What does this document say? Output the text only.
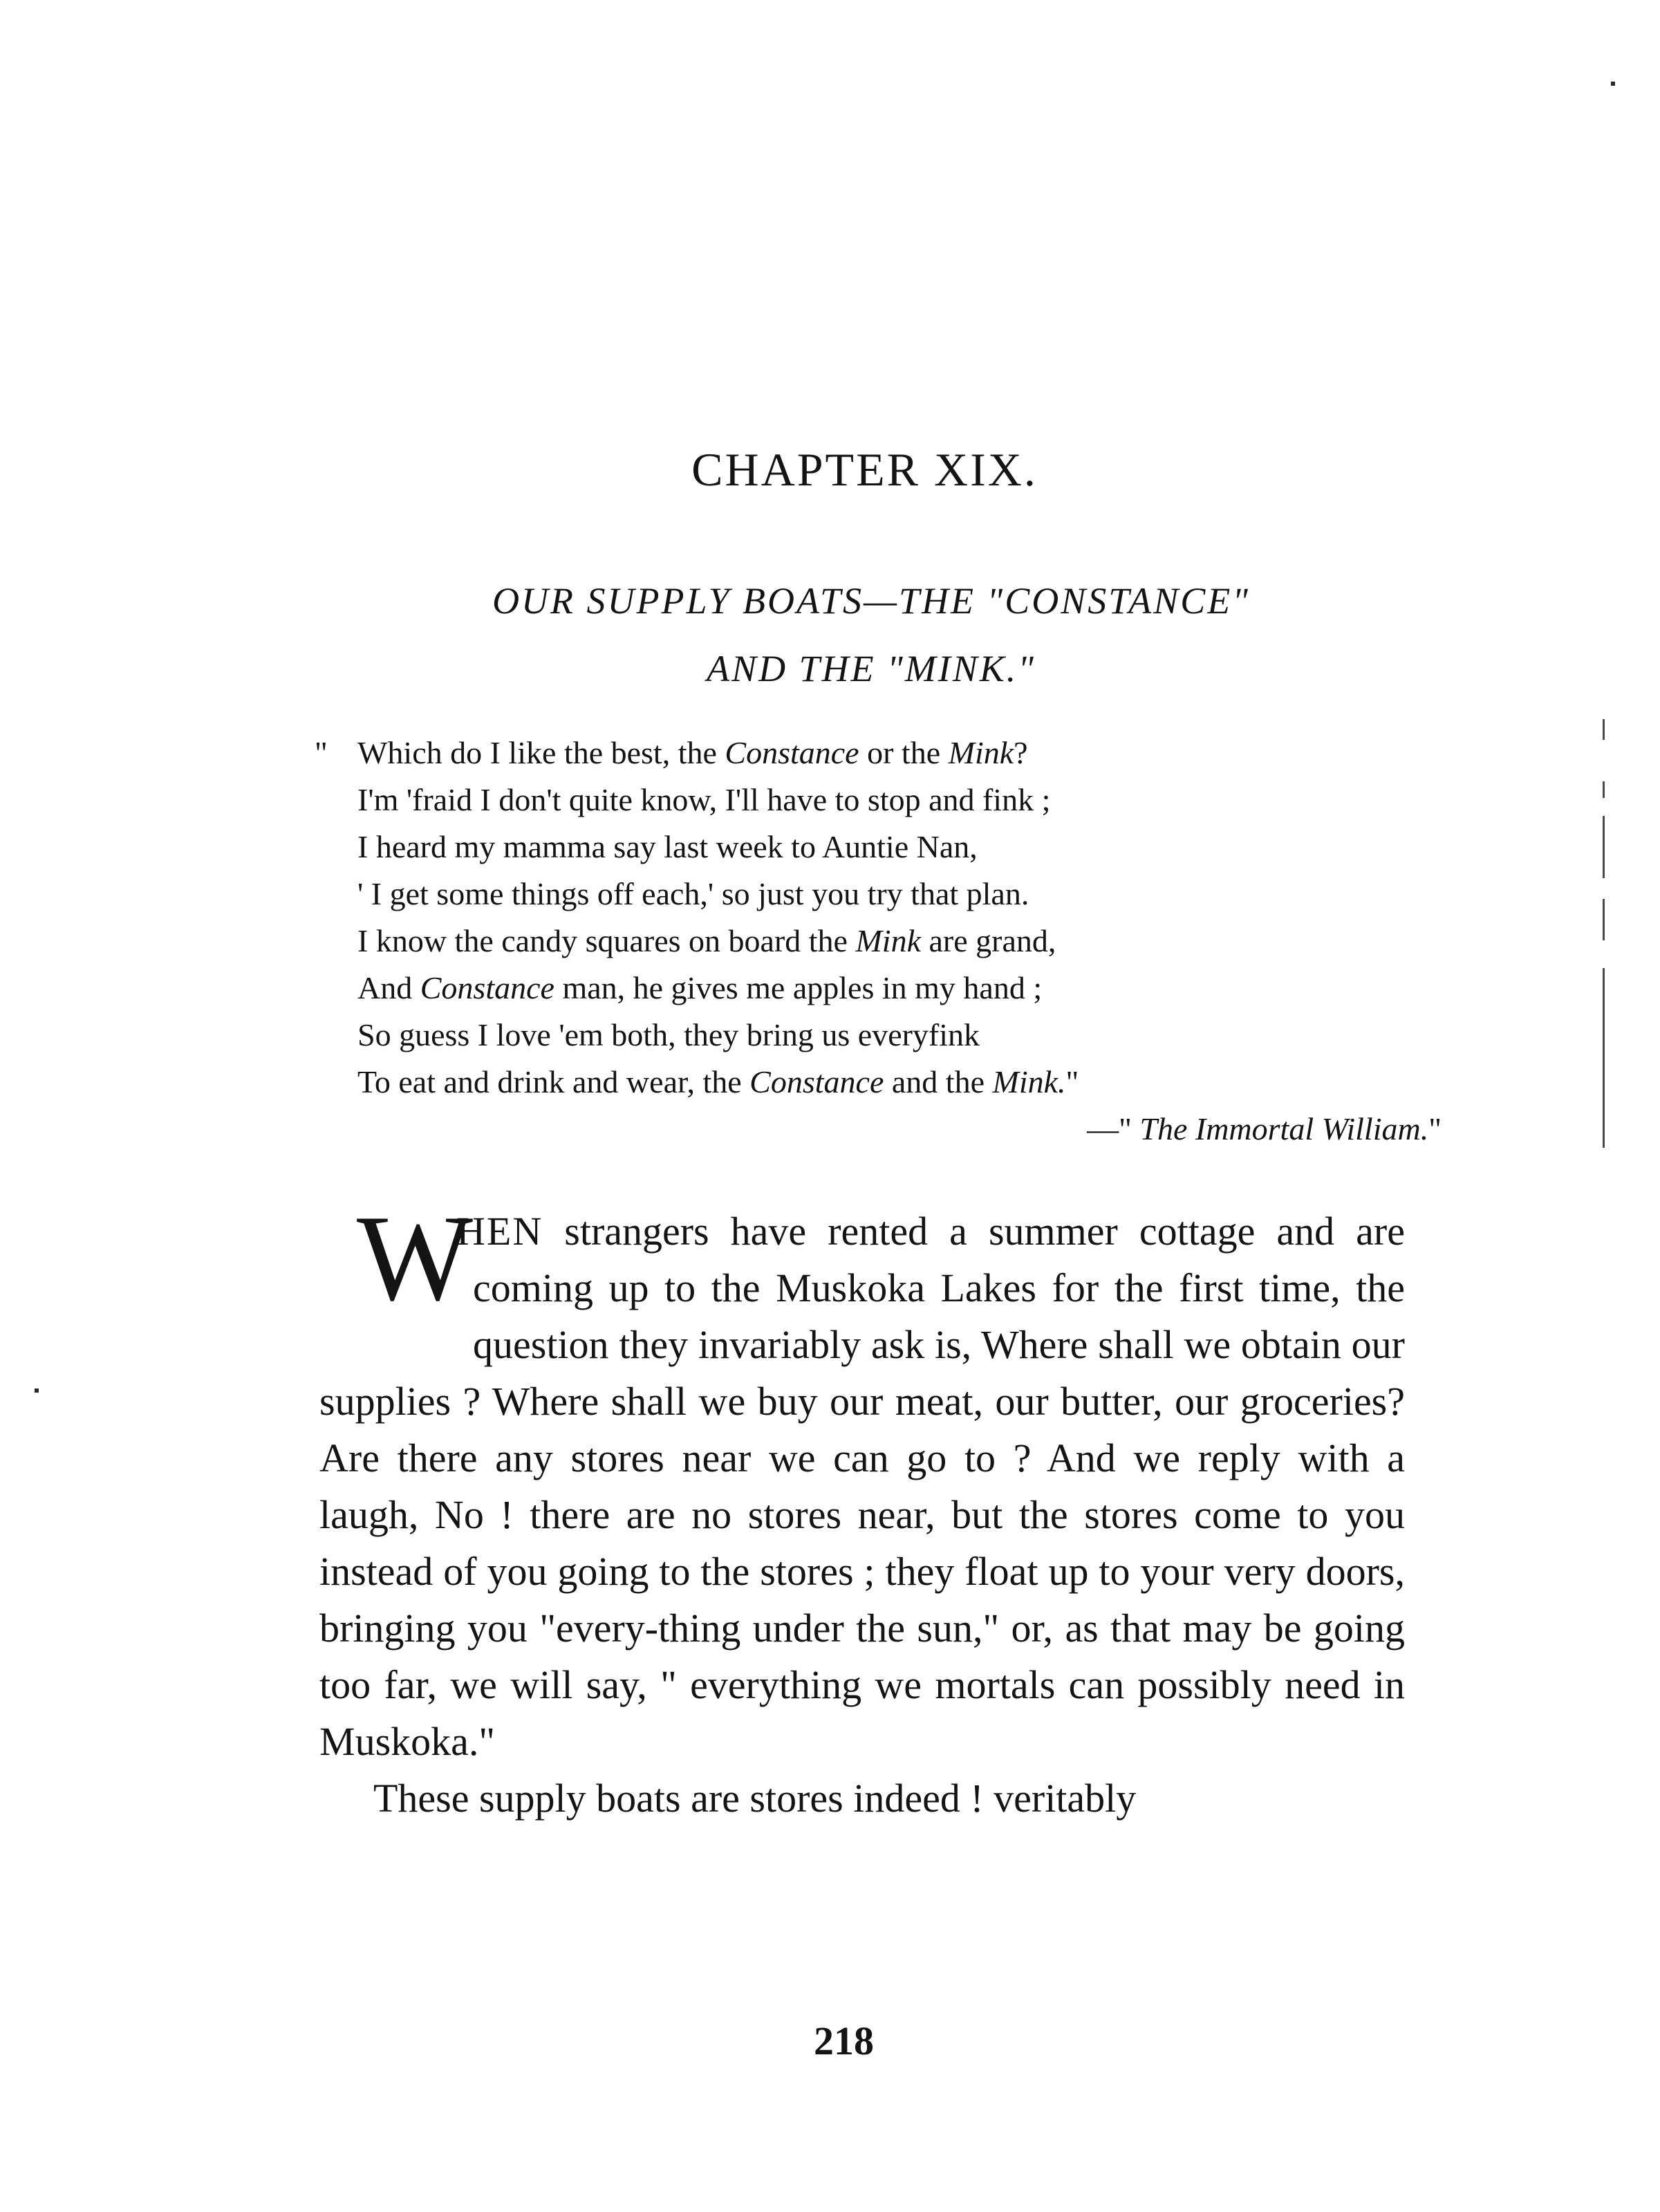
CHAPTER XIX.
OUR SUPPLY BOATS—THE "CONSTANCE"
AND THE "MINK."
" Which do I like the best, the Constance or the Mink?
I'm 'fraid I don't quite know, I'll have to stop and fink ;
I heard my mamma say last week to Auntie Nan,
' I get some things off each,' so just you try that plan.
I know the candy squares on board the Mink are grand,
And Constance man, he gives me apples in my hand ;
So guess I love 'em both, they bring us everyfink
To eat and drink and wear, the Constance and the Mink."
—" The Immortal William."

W
HEN strangers have rented a summer cottage and are coming up to the Muskoka Lakes for the first time, the question they invariably ask is, Where shall we obtain our supplies ? Where shall we buy our meat, our butter, our groceries? Are there any stores near we can go to ? And we reply with a laugh, No ! there are no stores near, but the stores come to you instead of you going to the stores ; they float up to your very doors, bringing you "every-thing under the sun," or, as that may be going too far, we will say, " everything we mortals can possibly need in Muskoka."

These supply boats are stores indeed ! veritably

218
